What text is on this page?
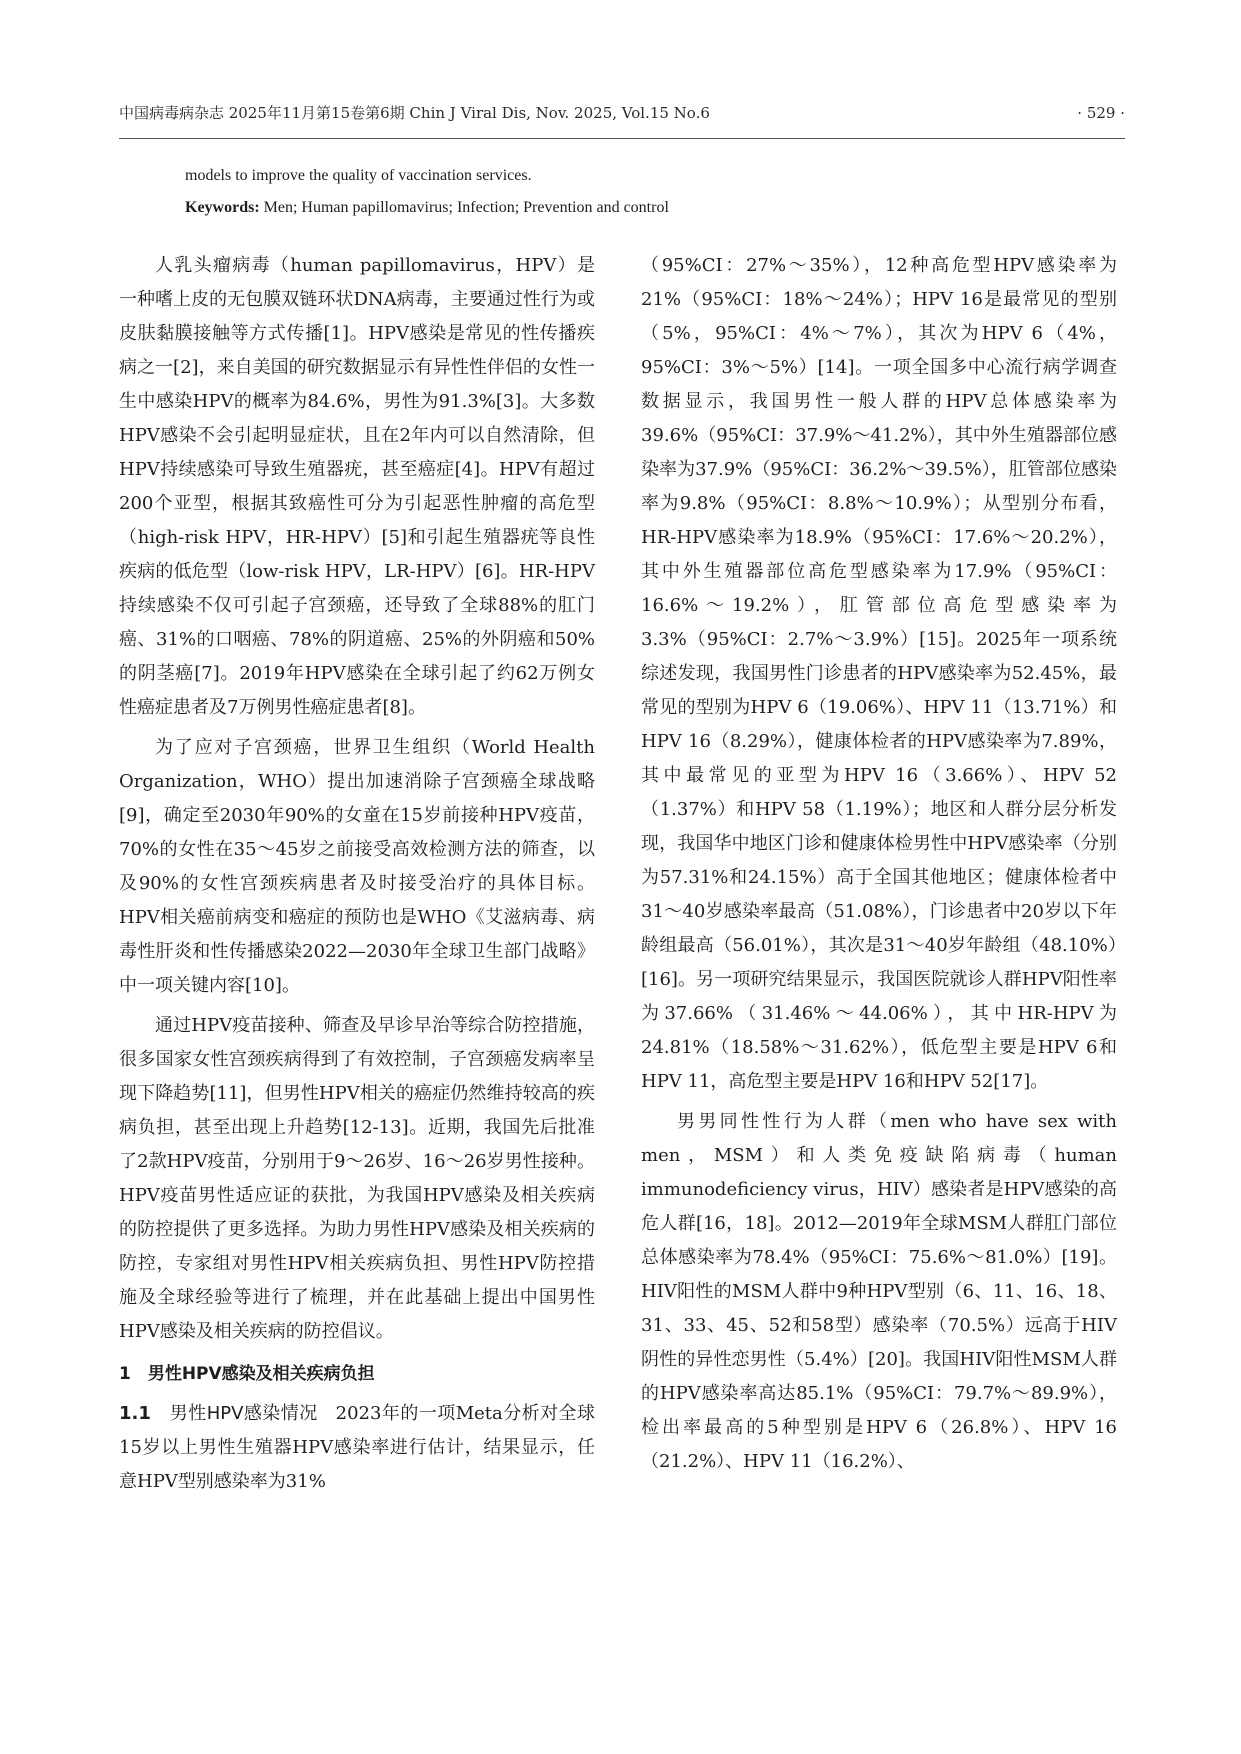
中国病毒病杂志 2025年11月第15卷第6期 Chin J Viral Dis, Nov. 2025, Vol.15 No.6	· 529 ·
models to improve the quality of vaccination services.
Keywords: Men; Human papillomavirus; Infection; Prevention and control

人乳头瘤病毒（human papillomavirus，HPV）是一种嗜上皮的无包膜双链环状DNA病毒，主要通过性行为或皮肤黏膜接触等方式传播[1]。HPV感染是常见的性传播疾病之一[2]，来自美国的研究数据显示有异性性伴侣的女性一生中感染HPV的概率为84.6%，男性为91.3%[3]。大多数HPV感染不会引起明显症状，且在2年内可以自然清除，但HPV持续感染可导致生殖器疣，甚至癌症[4]。HPV有超过200个亚型，根据其致癌性可分为引起恶性肿瘤的高危型（high-risk HPV，HR-HPV）[5]和引起生殖器疣等良性疾病的低危型（low-risk HPV，LR-HPV）[6]。HR-HPV持续感染不仅可引起子宫颈癌，还导致了全球88%的肛门癌、31%的口咽癌、78%的阴道癌、25%的外阴癌和50%的阴茎癌[7]。2019年HPV感染在全球引起了约62万例女性癌症患者及7万例男性癌症患者[8]。

为了应对子宫颈癌，世界卫生组织（World Health Organization，WHO）提出加速消除子宫颈癌全球战略[9]，确定至2030年90%的女童在15岁前接种HPV疫苗，70%的女性在35～45岁之前接受高效检测方法的筛查，以及90%的女性宫颈疾病患者及时接受治疗的具体目标。HPV相关癌前病变和癌症的预防也是WHO《艾滋病毒、病毒性肝炎和性传播感染2022—2030年全球卫生部门战略》中一项关键内容[10]。

通过HPV疫苗接种、筛查及早诊早治等综合防控措施，很多国家女性宫颈疾病得到了有效控制，子宫颈癌发病率呈现下降趋势[11]，但男性HPV相关的癌症仍然维持较高的疾病负担，甚至出现上升趋势[12-13]。近期，我国先后批准了2款HPV疫苗，分别用于9～26岁、16～26岁男性接种。HPV疫苗男性适应证的获批，为我国HPV感染及相关疾病的防控提供了更多选择。为助力男性HPV感染及相关疾病的防控，专家组对男性HPV相关疾病负担、男性HPV防控措施及全球经验等进行了梳理，并在此基础上提出中国男性HPV感染及相关疾病的防控倡议。

1　男性HPV感染及相关疾病负担

1.1　 男性HPV感染情况 2023年的一项Meta分析对全球15岁以上男性生殖器HPV感染率进行估计，结果显示，任意HPV型别感染率为31%

（95%CI：27%～35%），12种高危型HPV感染率为21%（95%CI：18%～24%）；HPV 16是最常见的型别（5%，95%CI：4%～7%），其次为HPV 6（4%，95%CI：3%～5%）[14]。一项全国多中心流行病学调查数据显示，我国男性一般人群的HPV总体感染率为39.6%（95%CI：37.9%～41.2%），其中外生殖器部位感染率为37.9%（95%CI：36.2%～39.5%），肛管部位感染率为9.8%（95%CI：8.8%～10.9%）；从型别分布看，HR-HPV感染率为18.9%（95%CI：17.6%～20.2%），其中外生殖器部位高危型感染率为17.9%（95%CI：16.6%～19.2%），肛管部位高危型感染率为3.3%（95%CI：2.7%～3.9%）[15]。2025年一项系统综述发现，我国男性门诊患者的HPV感染率为52.45%，最常见的型别为HPV 6（19.06%）、HPV 11（13.71%）和HPV 16（8.29%），健康体检者的HPV感染率为7.89%，其中最常见的亚型为HPV 16（3.66%）、HPV 52（1.37%）和HPV 58（1.19%）；地区和人群分层分析发现，我国华中地区门诊和健康体检男性中HPV感染率（分别为57.31%和24.15%）高于全国其他地区；健康体检者中31～40岁感染率最高（51.08%），门诊患者中20岁以下年龄组最高（56.01%），其次是31～40岁年龄组（48.10%）[16]。另一项研究结果显示，我国医院就诊人群HPV阳性率为37.66%（31.46%～44.06%），其中HR-HPV为24.81%（18.58%～31.62%），低危型主要是HPV 6和HPV 11，高危型主要是HPV 16和HPV 52[17]。

男男同性性行为人群（men who have sex with men，MSM）和人类免疫缺陷病毒（human immunodeficiency virus，HIV）感染者是HPV感染的高危人群[16，18]。2012—2019年全球MSM人群肛门部位总体感染率为78.4%（95%CI：75.6%～81.0%）[19]。HIV阳性的MSM人群中9种HPV型别（6、11、16、18、31、33、45、52和58型）感染率（70.5%）远高于HIV阴性的异性恋男性（5.4%）[20]。我国HIV阳性MSM人群的HPV感染率高达85.1%（95%CI：79.7%～89.9%），检出率最高的5种型别是HPV 6（26.8%）、HPV 16（21.2%）、HPV 11（16.2%）、
